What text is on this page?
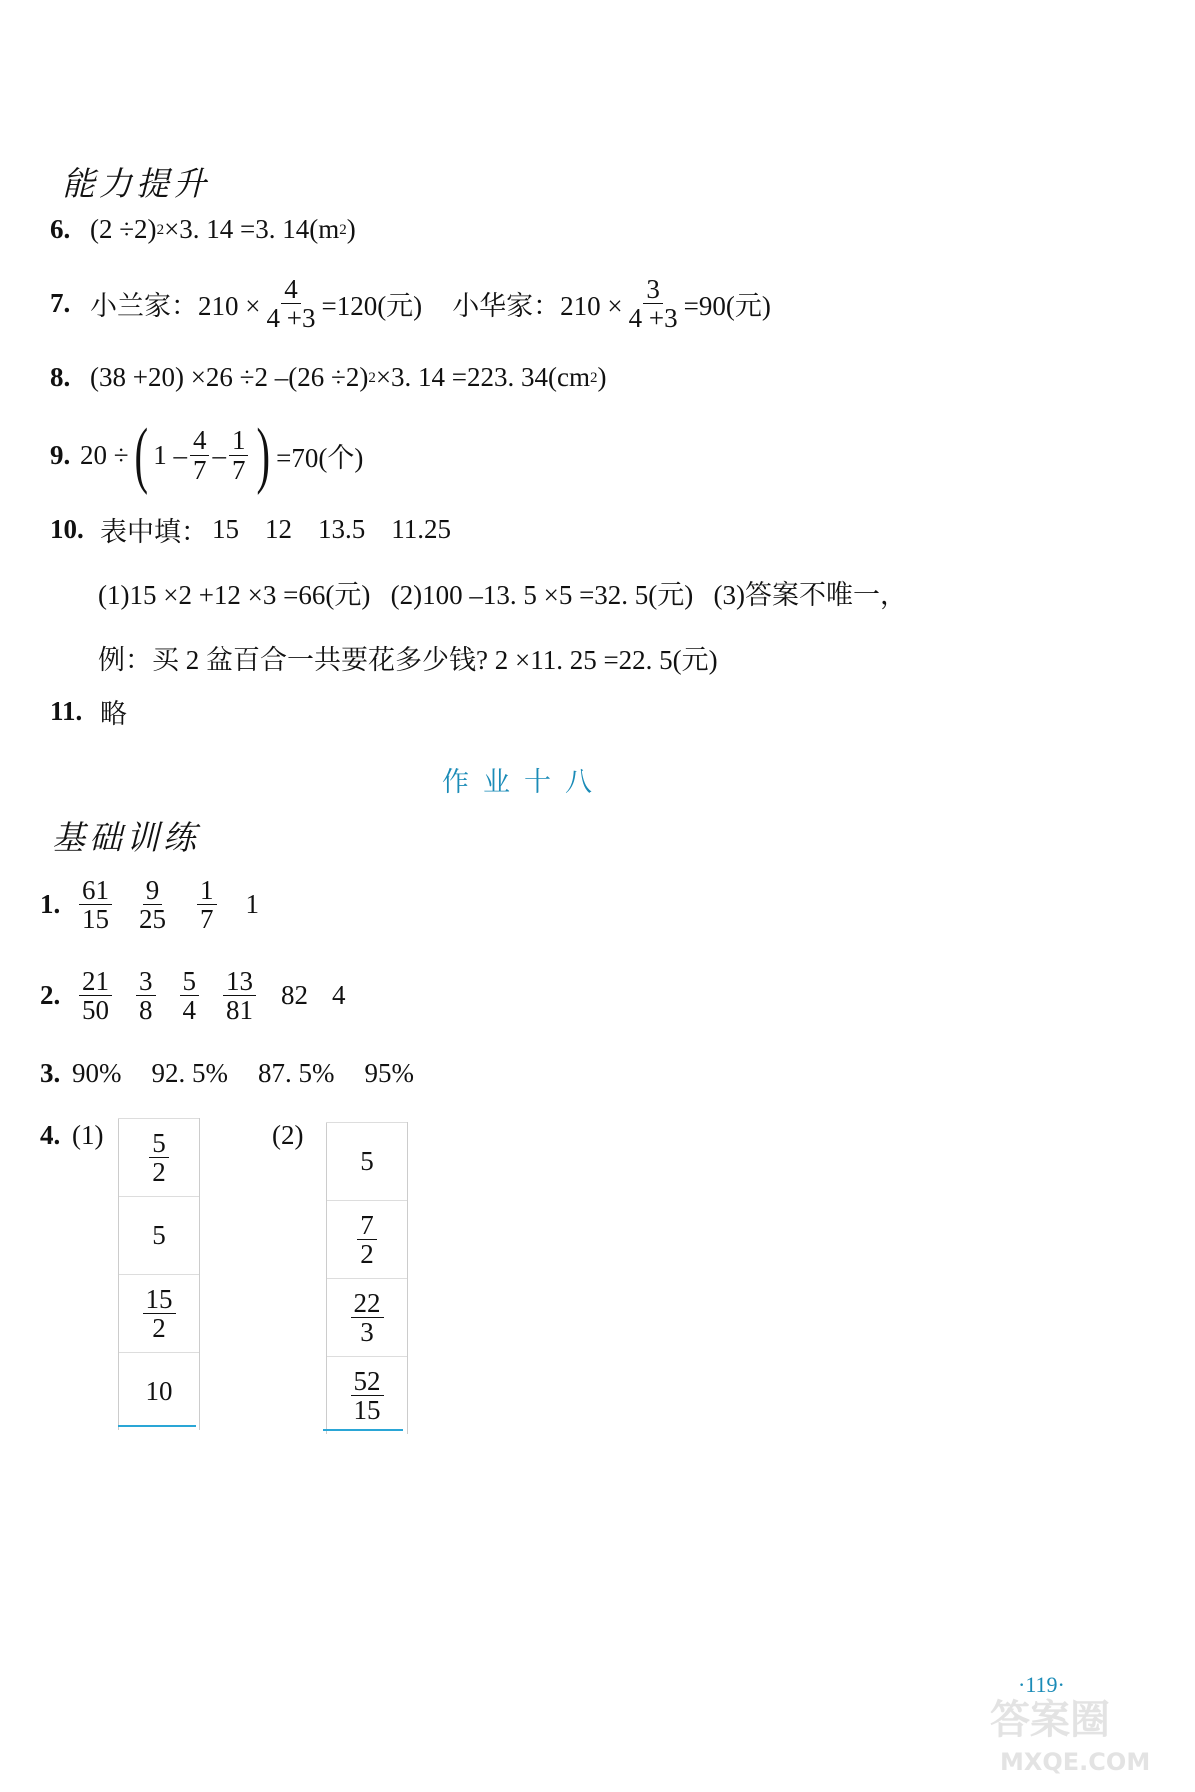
能力提升
6. (2 ÷2) 2 ×3. 14 =3. 14(m 2 )
7. 小兰家：$210 \times \frac{4}{4 +3} =120$(元) 小华家：$210 \times \frac{3}{4 +3} =90$(元)
8. (38 +20) ×26 ÷2 –(26 ÷2) 2 ×3. 14 =223. 34(cm 2 )
9. 20 ÷ ( $1 - \frac{4}{7} - \frac{1}{7}$ ) =70(个)
10. 表中填： 15 12 13.5 11.25
(1)15 ×2 +12 ×3 =66(元)   (2)100 –13. 5 ×5 =32. 5(元)   (3)答案不唯一，
例：买 2 盆百合一共要花多少钱? 2 ×11. 25 =22. 5(元)
11. 略
作业十八
基础训练
1. $\frac{61}{15} \frac{9}{25} \frac{1}{7} 1$
2. $\frac{21}{50} \frac{3}{8} \frac{5}{4} \frac{13}{81} 82$ 4
3. 90% 92. 5% 87. 5% 95%
4. (1)	(2)
$\frac{5}{2}$

5

$\frac{15}{2}$

10
5

$\frac{7}{2}$

$\frac{22}{3}$

$\frac{52}{15}$
·119·
答案圈
MXQE.COM
